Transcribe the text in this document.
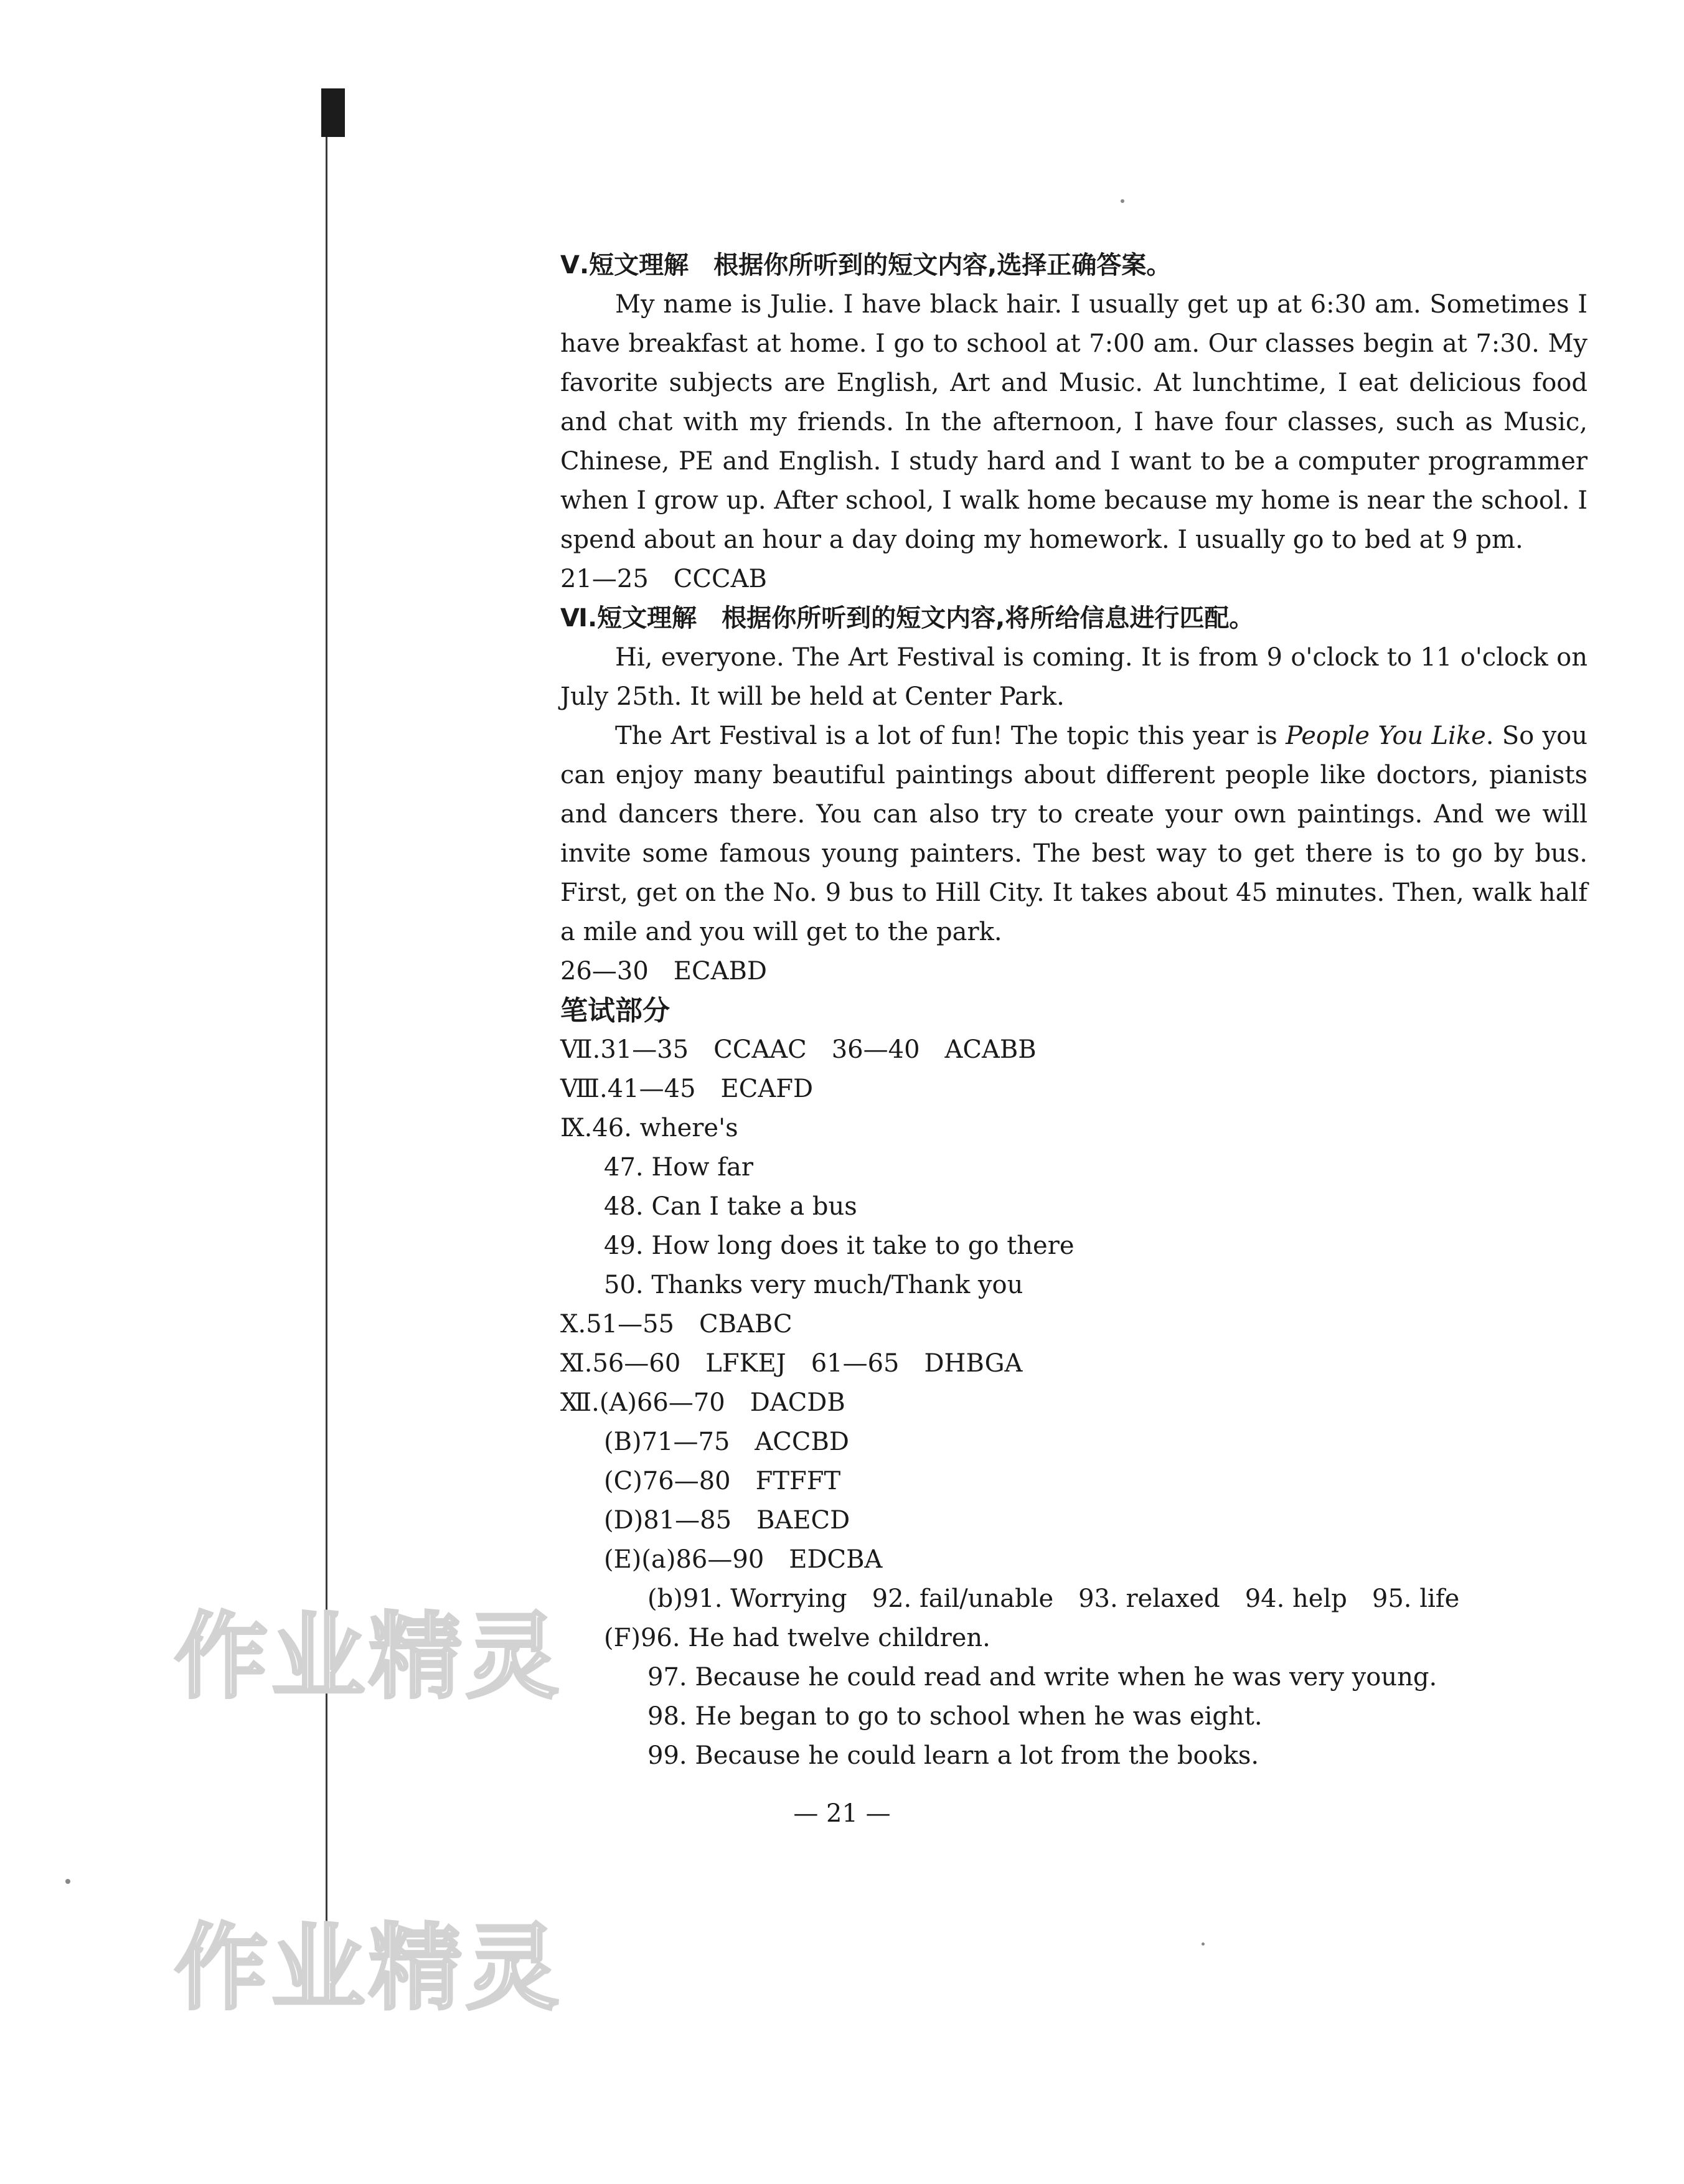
作业精灵
作业精灵
Ⅴ.短文理解　根据你所听到的短文内容,选择正确答案。
My name is Julie. I have black hair. I usually get up at 6:30 am. Sometimes I have breakfast at home. I go to school at 7:00 am. Our classes begin at 7:30. My favorite subjects are English, Art and Music. At lunchtime, I eat delicious food and chat with my friends. In the afternoon, I have four classes, such as Music, Chinese, PE and English. I study hard and I want to be a computer programmer when I grow up. After school, I walk home because my home is near the school. I spend about an hour a day doing my homework. I usually go to bed at 9 pm.
21—25　CCCAB
Ⅵ.短文理解　根据你所听到的短文内容,将所给信息进行匹配。
Hi, everyone. The Art Festival is coming. It is from 9 o'clock to 11 o'clock on July 25th. It will be held at Center Park.
The Art Festival is a lot of fun! The topic this year is People You Like. So you can enjoy many beautiful paintings about different people like doctors, pianists and dancers there. You can also try to create your own paintings. And we will invite some famous young painters. The best way to get there is to go by bus. First, get on the No. 9 bus to Hill City. It takes about 45 minutes. Then, walk half a mile and you will get to the park.
26—30　ECABD
笔试部分
Ⅶ.31—35　CCAAC　36—40　ACABB
Ⅷ.41—45　ECAFD
Ⅸ.46. where's
47. How far
48. Can I take a bus
49. How long does it take to go there
50. Thanks very much/Thank you
Ⅹ.51—55　CBABC
Ⅺ.56—60　LFKEJ　61—65　DHBGA
Ⅻ.(A)66—70　DACDB
(B)71—75　ACCBD
(C)76—80　FTFFT
(D)81—85　BAECD
(E)(a)86—90　EDCBA
(b)91. Worrying　92. fail/unable　93. relaxed　94. help　95. life
(F)96. He had twelve children.
97. Because he could read and write when he was very young.
98. He began to go to school when he was eight.
99. Because he could learn a lot from the books.
— 21 —
